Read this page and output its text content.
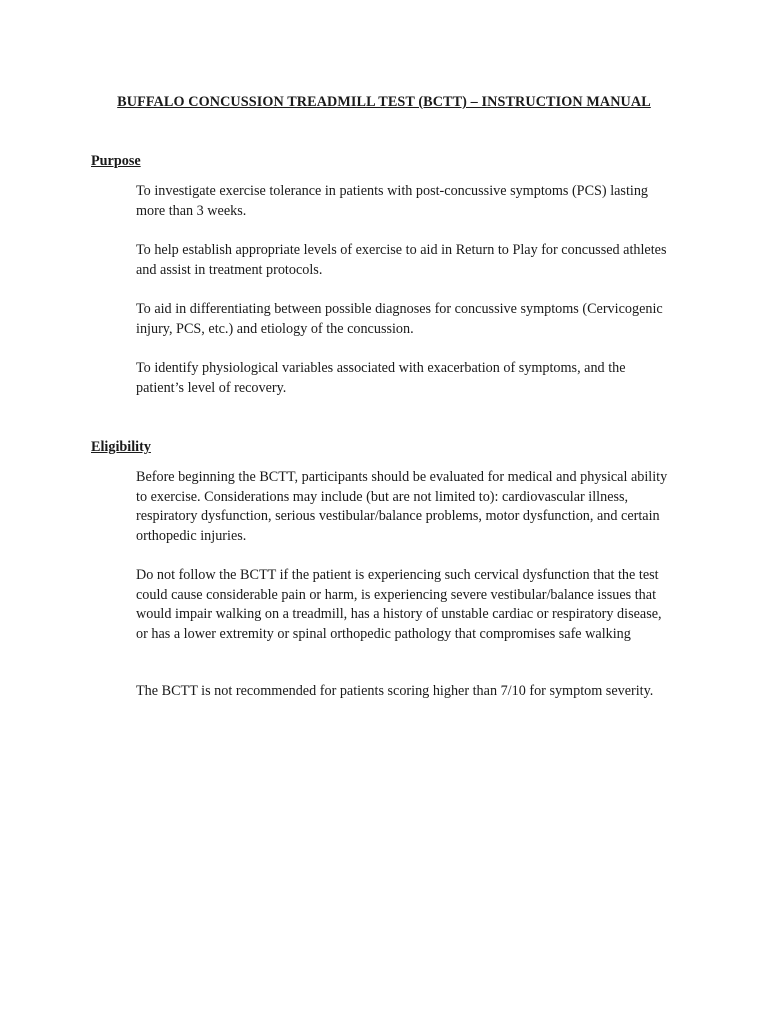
BUFFALO CONCUSSION TREADMILL TEST (BCTT) – INSTRUCTION MANUAL
Purpose

To investigate exercise tolerance in patients with post-concussive symptoms (PCS) lasting more than 3 weeks.

To help establish appropriate levels of exercise to aid in Return to Play for concussed athletes and assist in treatment protocols.

To aid in differentiating between possible diagnoses for concussive symptoms (Cervicogenic injury, PCS, etc.) and etiology of the concussion.

To identify physiological variables associated with exacerbation of symptoms, and the patient’s level of recovery.

Eligibility

Before beginning the BCTT, participants should be evaluated for medical and physical ability to exercise. Considerations may include (but are not limited to): cardiovascular illness, respiratory dysfunction, serious vestibular/balance problems, motor dysfunction, and certain orthopedic injuries.

Do not follow the BCTT if the patient is experiencing such cervical dysfunction that the test could cause considerable pain or harm, is experiencing severe vestibular/balance issues that would impair walking on a treadmill, has a history of unstable cardiac or respiratory disease, or has a lower extremity or spinal orthopedic pathology that compromises safe walking

The BCTT is not recommended for patients scoring higher than 7/10 for symptom severity.
